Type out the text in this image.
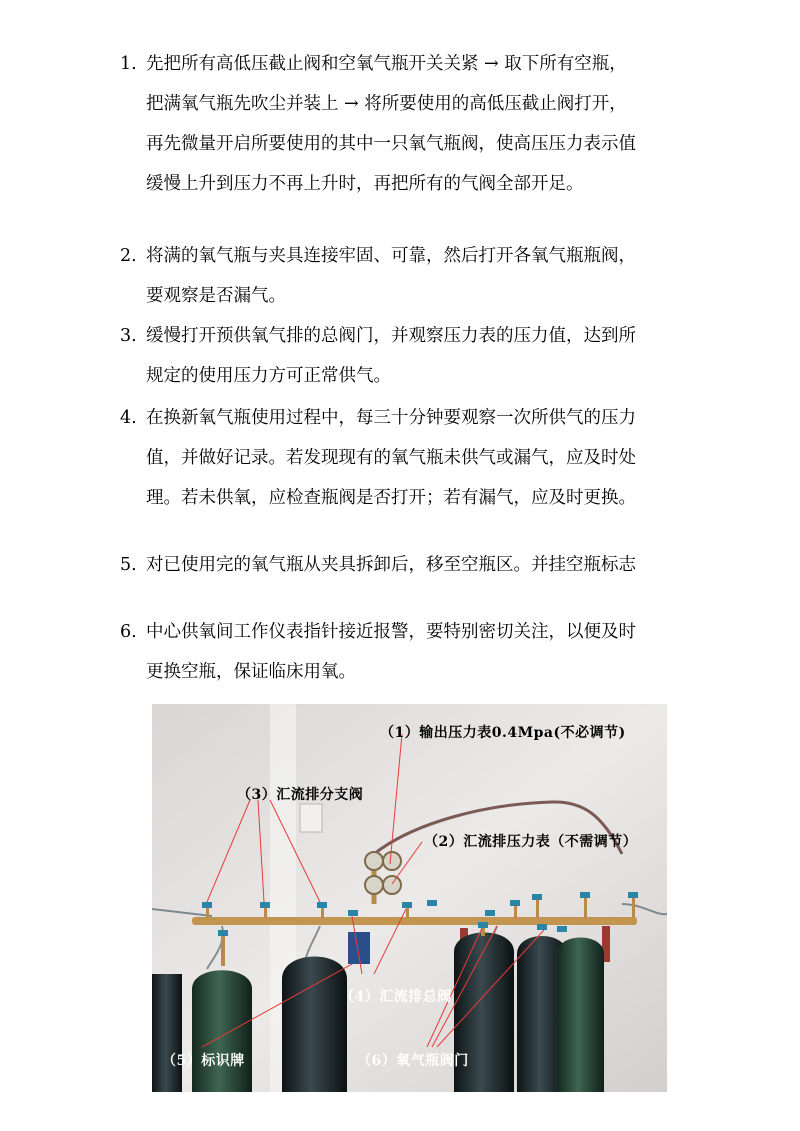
1. 先把所有高低压截止阀和空氧气瓶开关关紧 → 取下所有空瓶，
把满氧气瓶先吹尘并装上 → 将所要使用的高低压截止阀打开，
再先微量开启所要使用的其中一只氧气瓶阀，使高压压力表示值
缓慢上升到压力不再上升时，再把所有的气阀全部开足。
2. 将满的氧气瓶与夹具连接牢固、可靠，然后打开各氧气瓶瓶阀，
要观察是否漏气。
3. 缓慢打开预供氧气排的总阀门，并观察压力表的压力值，达到所
规定的使用压力方可正常供气。
4. 在换新氧气瓶使用过程中，每三十分钟要观察一次所供气的压力
值，并做好记录。若发现现有的氧气瓶未供气或漏气，应及时处
理。若未供氧，应检查瓶阀是否打开；若有漏气，应及时更换。
5. 对已使用完的氧气瓶从夹具拆卸后，移至空瓶区。并挂空瓶标志
6. 中心供氧间工作仪表指针接近报警，要特别密切关注，以便及时
更换空瓶，保证临床用氧。
（1）输出压力表0.4Mpa(不必调节)
（3）汇流排分支阀
（2）汇流排压力表（不需调节）
（4）汇流排总阀
（5）标识牌	（6）氧气瓶阀门
